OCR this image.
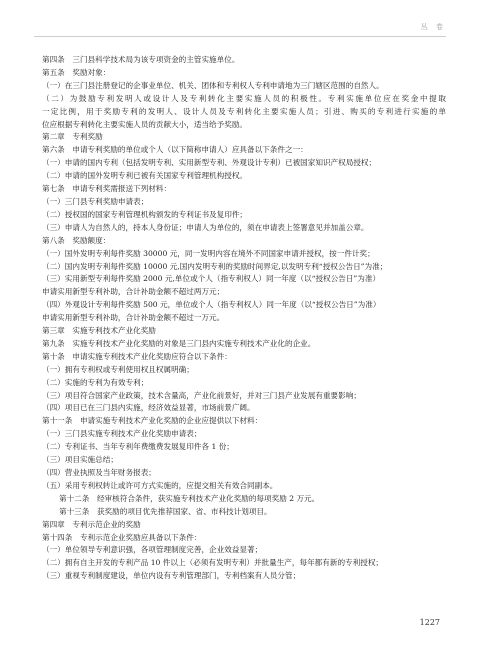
丛 卷
第四条　三门县科学技术局为该专项资金的主管实施单位。
第五条　奖励对象：
（一）在三门县注册登记的企事业单位、机关、团体和专利权人专利申请地为三门辖区范围的自然人。
（二）为鼓励专利发明人或设计人及专利转化主要实施人员的积极性。专利实施单位应在奖金中提取
一定比例，用于奖励专利的发明人、设计人员及专利转化主要实施人员；引进、购买的专利进行实施的单
位应根据专利转化主要实施人员的贡献大小，适当给予奖励。
第二章　专利奖励
第六条　申请专利奖励的单位或个人（以下简称申请人）应具备以下条件之一：
（一）申请的国内专利（包括发明专利、实用新型专利、外观设计专利）已被国家知识产权局授权；
（二）申请的国外发明专利已被有关国家专利管理机构授权。
第七条　申请专利奖需报送下列材料：
（一）三门县专利奖励申请表；
（二）授权国的国家专利管理机构颁发的专利证书及复印件；
（三）申请人为自然人的，持本人身份证；申请人为单位的，须在申请表上签署意见并加盖公章。
第八条　奖励额度：
（一）国外发明专利每件奖励 30000 元，同一发明内容在境外不同国家申请并授权，按一件计奖；
（二）国内发明专利每件奖励 10000 元,国内发明专利的奖励时间界定,以发明专利“授权公告日”为准；
（三）实用新型专利每件奖励 2000 元,单位或个人（指专利权人）同一年度（以“授权公告日”为准）
申请实用新型专利补助，合计补助金额不超过两万元；
（四）外观设计专利每件奖励 500 元，单位或个人（指专利权人）同一年度（以“授权公告日”为准）
申请实用新型专利补助，合计补助金额不超过一万元。
第三章　实施专利技术产业化奖励
第九条　实施专利技术产业化奖励的对象是三门县内实施专利技术产业化的企业。
第十条　申请实施专利技术产业化奖励应符合以下条件：
（一）拥有专利权或专利使用权且权属明确；
（二）实施的专利为有效专利；
（三）项目符合国家产业政策，技术含量高，产业化前景好，并对三门县产业发展有重要影响；
（四）项目已在三门县内实施，经济效益显著，市场前景广阔。
第十一条　申请实施专利技术产业化奖励的企业应提供以下材料：
（一）三门县实施专利技术产业化奖励申请表；
（二）专利证书、当年专利年费缴费发展复印件各 1 份；
（三）项目实施总结；
（四）营业执照及当年财务报表；
（五）采用专利权转让或许可方式实施的，应提交相关有效合同副本。
第十二条　经审核符合条件，获实施专利技术产业化奖励的每项奖励 2 万元。
第十三条　获奖励的项目优先推荐国家、省、市科技计划项目。
第四章　专利示范企业的奖励
第十四条　专利示范企业奖励应具备以下条件：
（一）单位领导专利意识强，各项管理制度完善，企业效益显著；
（二）拥有自主开发的专利产品 10 件以上（必须有发明专利）并批量生产，每年都有新的专利授权；
（三）重视专利制度建设，单位内设有专利管理部门，专利档案有人员分管；
1227
